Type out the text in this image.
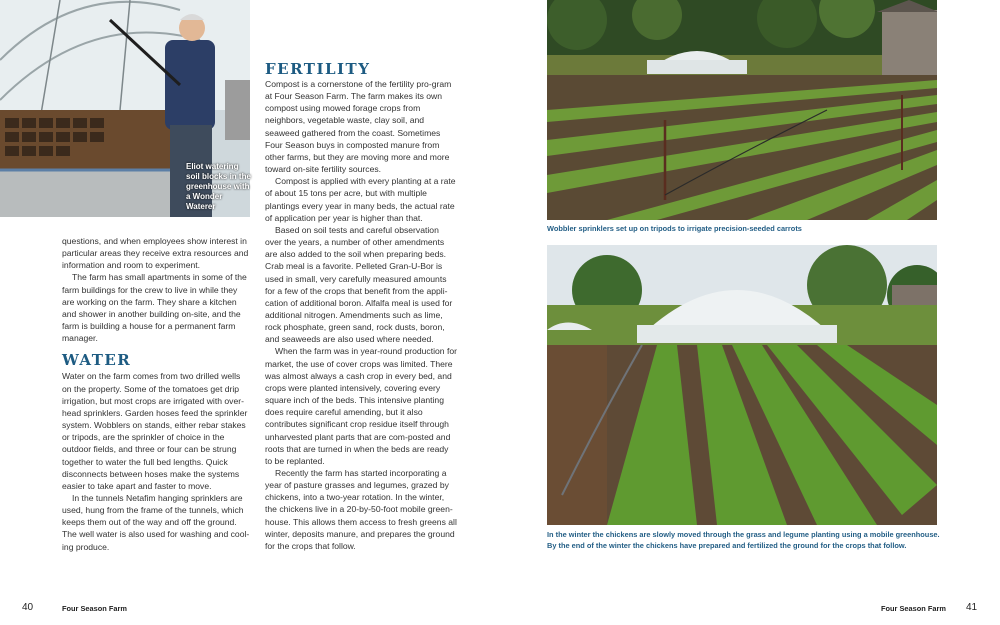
Eliot watering soil blocks in the greenhouse with a Wonder Waterer

questions, and when employees show interest in particular areas they receive extra resources and information and room to experiment.

The farm has small apartments in some of the farm buildings for the crew to live in while they are working on the farm. They share a kitchen and shower in another building on-site, and the farm is building a house for a permanent farm manager.

WATER

Water on the farm comes from two drilled wells on the property. Some of the tomatoes get drip irrigation, but most crops are irrigated with over-head sprinklers. Garden hoses feed the sprinkler system. Wobblers on stands, either rebar stakes or tripods, are the sprinkler of choice in the outdoor fields, and three or four can be strung together to water the full bed lengths. Quick disconnects between hoses make the systems easier to take apart and faster to move.

In the tunnels Netafim hanging sprinklers are used, hung from the frame of the tunnels, which keeps them out of the way and off the ground. The well water is also used for washing and cool-ing produce.

FERTILITY

Compost is a cornerstone of the fertility pro-gram at Four Season Farm. The farm makes its own compost using mowed forage crops from neighbors, vegetable waste, clay soil, and seaweed gathered from the coast. Sometimes Four Season buys in composted manure from other farms, but they are moving more and more toward on-site fertility sources.

Compost is applied with every planting at a rate of about 15 tons per acre, but with multiple plantings every year in many beds, the actual rate of application per year is higher than that.

Based on soil tests and careful observation over the years, a number of other amendments are also added to the soil when preparing beds. Crab meal is a favorite. Pelleted Gran-U-Bor is used in small, very carefully measured amounts for a few of the crops that benefit from the appli-cation of additional boron. Alfalfa meal is used for additional nitrogen. Amendments such as lime, rock phosphate, green sand, rock dusts, boron, and seaweeds are also used where needed.

When the farm was in year-round production for market, the use of cover crops was limited. There was almost always a cash crop in every bed, and crops were planted intensively, covering every square inch of the beds. This intensive planting does require careful amending, but it also contributes significant crop residue itself through unharvested plant parts that are com-posted and roots that are turned in when the beds are ready to be replanted.

Recently the farm has started incorporating a year of pasture grasses and legumes, grazed by chickens, into a two-year rotation. In the winter, the chickens live in a 20-by-50-foot mobile green-house. This allows them access to fresh greens all winter, deposits manure, and prepares the ground for the crops that follow.

40	Four Season Farm
Wobbler sprinklers set up on tripods to irrigate precision-seeded carrots
In the winter the chickens are slowly moved through the grass and legume planting using a mobile greenhouse.
By the end of the winter the chickens have prepared and fertilized the ground for the crops that follow.
Four Season Farm 41
